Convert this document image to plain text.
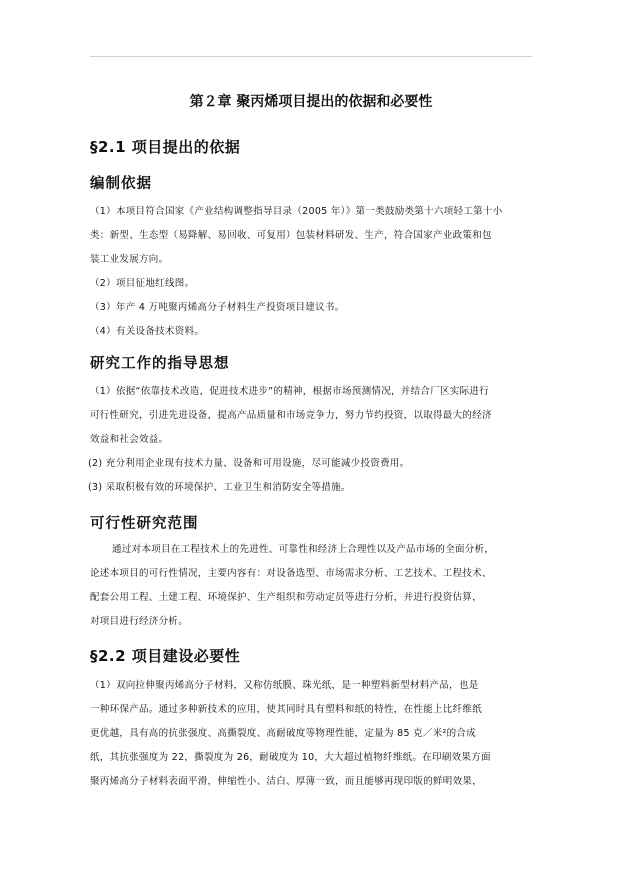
第２章 聚丙烯项目提出的依据和必要性
§2.1 项目提出的依据
编制依据
（1）本项目符合国家《产业结构调整指导目录（2005 年）》第一类鼓励类第十六项轻工第十小
类：新型、生态型（易降解、易回收、可复用）包装材料研发、生产，符合国家产业政策和包
装工业发展方向。
（2）项目征地红线图。
（3）年产 4 万吨聚丙烯高分子材料生产投资项目建议书。
（4）有关设备技术资料。
研究工作的指导思想
（1）依据“依靠技术改造，促进技术进步”的精神，根据市场预测情况，并结合厂区实际进行
可行性研究，引进先进设备，提高产品质量和市场竞争力，努力节约投资，以取得最大的经济
效益和社会效益。
(2) 充分利用企业现有技术力量、设备和可用设施，尽可能减少投资费用。
(3) 采取积极有效的环境保护、工业卫生和消防安全等措施。
可行性研究范围
通过对本项目在工程技术上的先进性、可靠性和经济上合理性以及产品市场的全面分析，
论述本项目的可行性情况，主要内容有：对设备选型、市场需求分析、工艺技术、工程技术、
配套公用工程、土建工程、环境保护、生产组织和劳动定员等进行分析，并进行投资估算，
对项目进行经济分析。
§2.2 项目建设必要性
（1）双向拉伸聚丙烯高分子材料，又称仿纸膜、珠光纸，是一种塑料新型材料产品，也是
一种环保产品。通过多种新技术的应用，使其同时具有塑料和纸的特性，在性能上比纤维纸
更优越，具有高的抗张强度、高撕裂度、高耐破度等物理性能，定量为 85 克／米²的合成
纸，其抗张强度为 22，撕裂度为 26，耐破度为 10，大大超过植物纤维纸。在印刷效果方面
聚丙烯高分子材料表面平滑，伸缩性小、洁白、厚薄一致，而且能够再现印版的鲜明效果，
